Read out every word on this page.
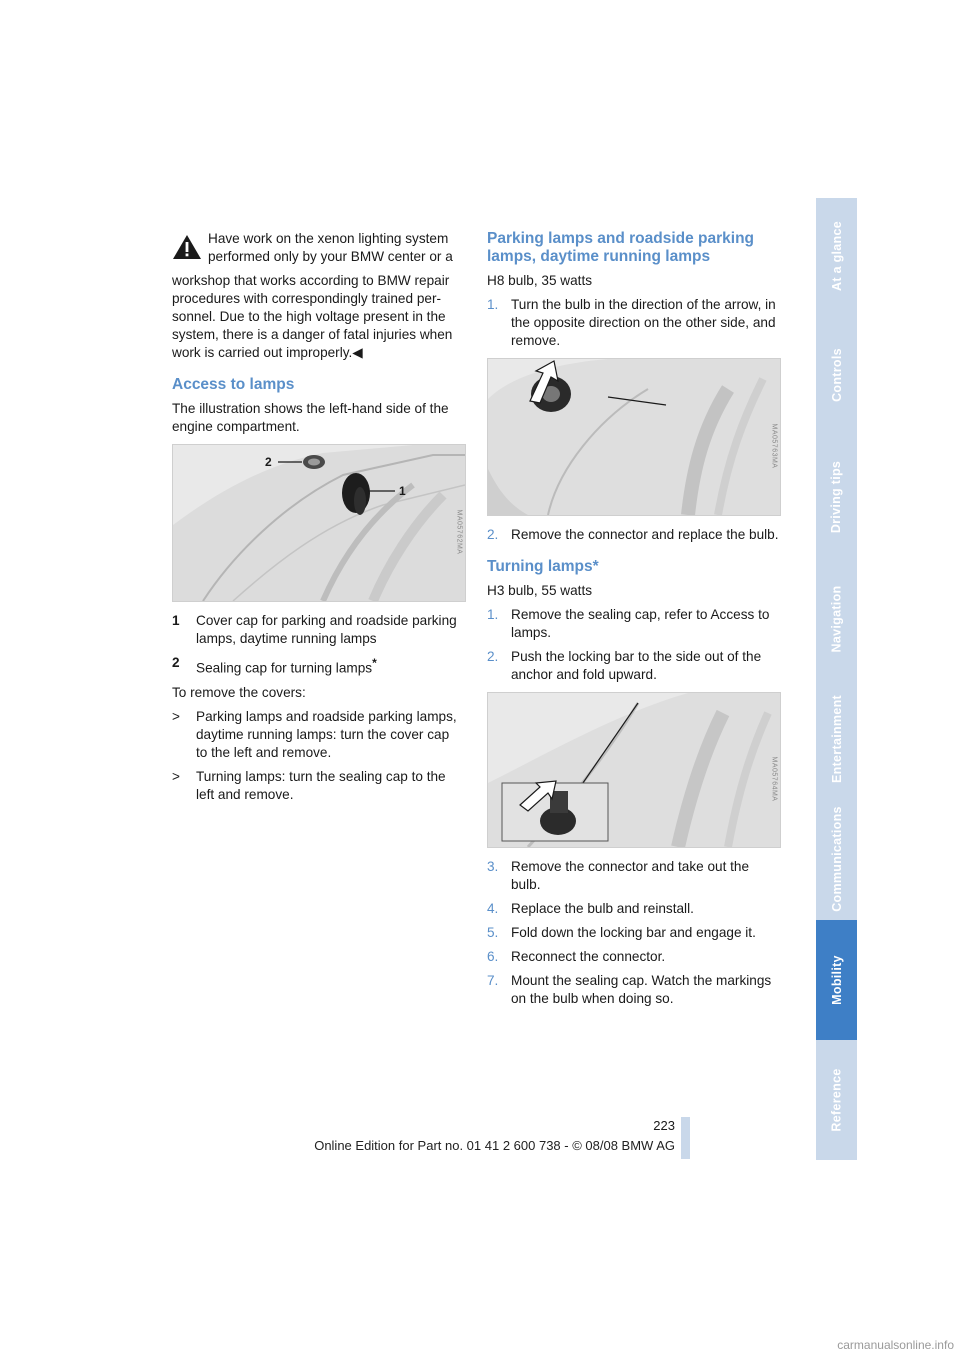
Have work on the xenon lighting system performed only by your BMW center or a

workshop that works according to BMW repair procedures with correspondingly trained per-sonnel. Due to the high voltage present in the system, there is a danger of fatal injuries when work is carried out improperly.◀

Access to lamps

The illustration shows the left-hand side of the engine compartment.

1
2
MA05762MA
1	Cover cap for parking and roadside parking lamps, daytime running lamps
2	Sealing cap for turning lamps*

To remove the covers:

>	Parking lamps and roadside parking lamps, daytime running lamps: turn the cover cap to the left and remove.
>	Turning lamps: turn the sealing cap to the left and remove.
Parking lamps and roadside parking lamps, daytime running lamps

H8 bulb, 35 watts

1. Turn the bulb in the direction of the arrow, in the opposite direction on the other side, and remove.
MA05763MA
2. Remove the connector and replace the bulb.
Turning lamps*

H3 bulb, 55 watts

1. Remove the sealing cap, refer to Access to lamps.
2. Push the locking bar to the side out of the anchor and fold upward.
MA05764MA
3. Remove the connector and take out the bulb.
4. Replace the bulb and reinstall.
5. Fold down the locking bar and engage it.
6. Reconnect the connector.
7. Mount the sealing cap. Watch the markings on the bulb when doing so.
At a glance
Controls
Driving tips
Navigation
Entertainment
Communications
Mobility
Reference
223
Online Edition for Part no. 01 41 2 600 738 - © 08/08 BMW AG
carmanualsonline.info
